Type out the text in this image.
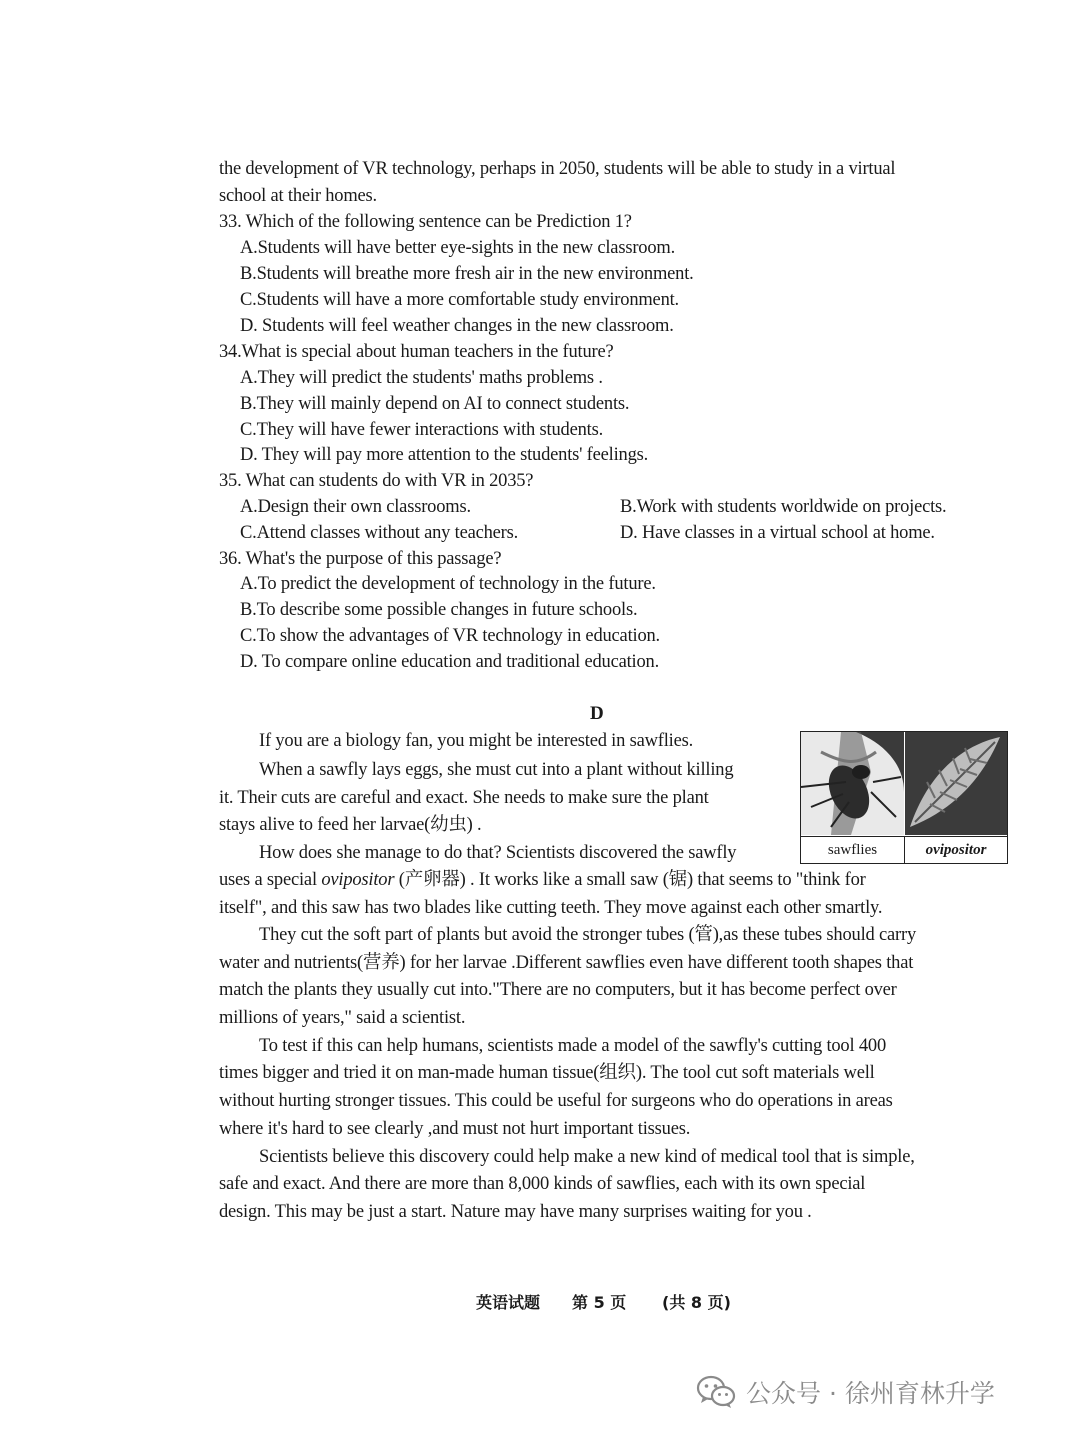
the development of VR technology, perhaps in 2050, students will be able to study in a virtual
school at their homes.
33. Which of the following sentence can be Prediction 1?
A.Students will have better eye-sights in the new classroom.
B.Students will breathe more fresh air in the new environment.
C.Students will have a more comfortable study environment.
D. Students will feel weather changes in the new classroom.
34.What is special about human teachers in the future?
A.They will predict the students' maths problems .
B.They will mainly depend on AI to connect students.
C.They will have fewer interactions with students.
D. They will pay more attention to the students' feelings.
35. What can students do with VR in 2035?
A.Design their own classrooms.	B.Work with students worldwide on projects.
C.Attend classes without any teachers.	D. Have classes in a virtual school at home.
36. What's the purpose of this passage?
A.To predict the development of technology in the future.
B.To describe some possible changes in future schools.
C.To show the advantages of VR technology in education.
D. To compare online education and traditional education.
D
sawflies	ovipositor
If you are a biology fan, you might be interested in sawflies.
When a sawfly lays eggs, she must cut into a plant without killing
it. Their cuts are careful and exact. She needs to make sure the plant
stays alive to feed her larvae(幼虫) .
How does she manage to do that? Scientists discovered the sawfly
uses a special ovipositor (产卵器) . It works like a small saw (锯) that seems to "think for
itself", and this saw has two blades like cutting teeth. They move against each other smartly.
They cut the soft part of plants but avoid the stronger tubes (管),as these tubes should carry
water and nutrients(营养) for her larvae .Different sawflies even have different tooth shapes that
match the plants they usually cut into."There are no computers, but it has become perfect over
millions of years," said a scientist.
To test if this can help humans, scientists made a model of the sawfly's cutting tool 400
times bigger and tried it on man-made human tissue(组织). The tool cut soft materials well
without hurting stronger tissues. This could be useful for surgeons who do operations in areas
where it's hard to see clearly ,and must not hurt important tissues.
Scientists believe this discovery could help make a new kind of medical tool that is simple,
safe and exact. And there are more than 8,000 kinds of sawflies, each with its own special
design. This may be just a start. Nature may have many surprises waiting for you .
英语试题 第 5 页 (共 8 页)
公众号 · 徐州育林升学
